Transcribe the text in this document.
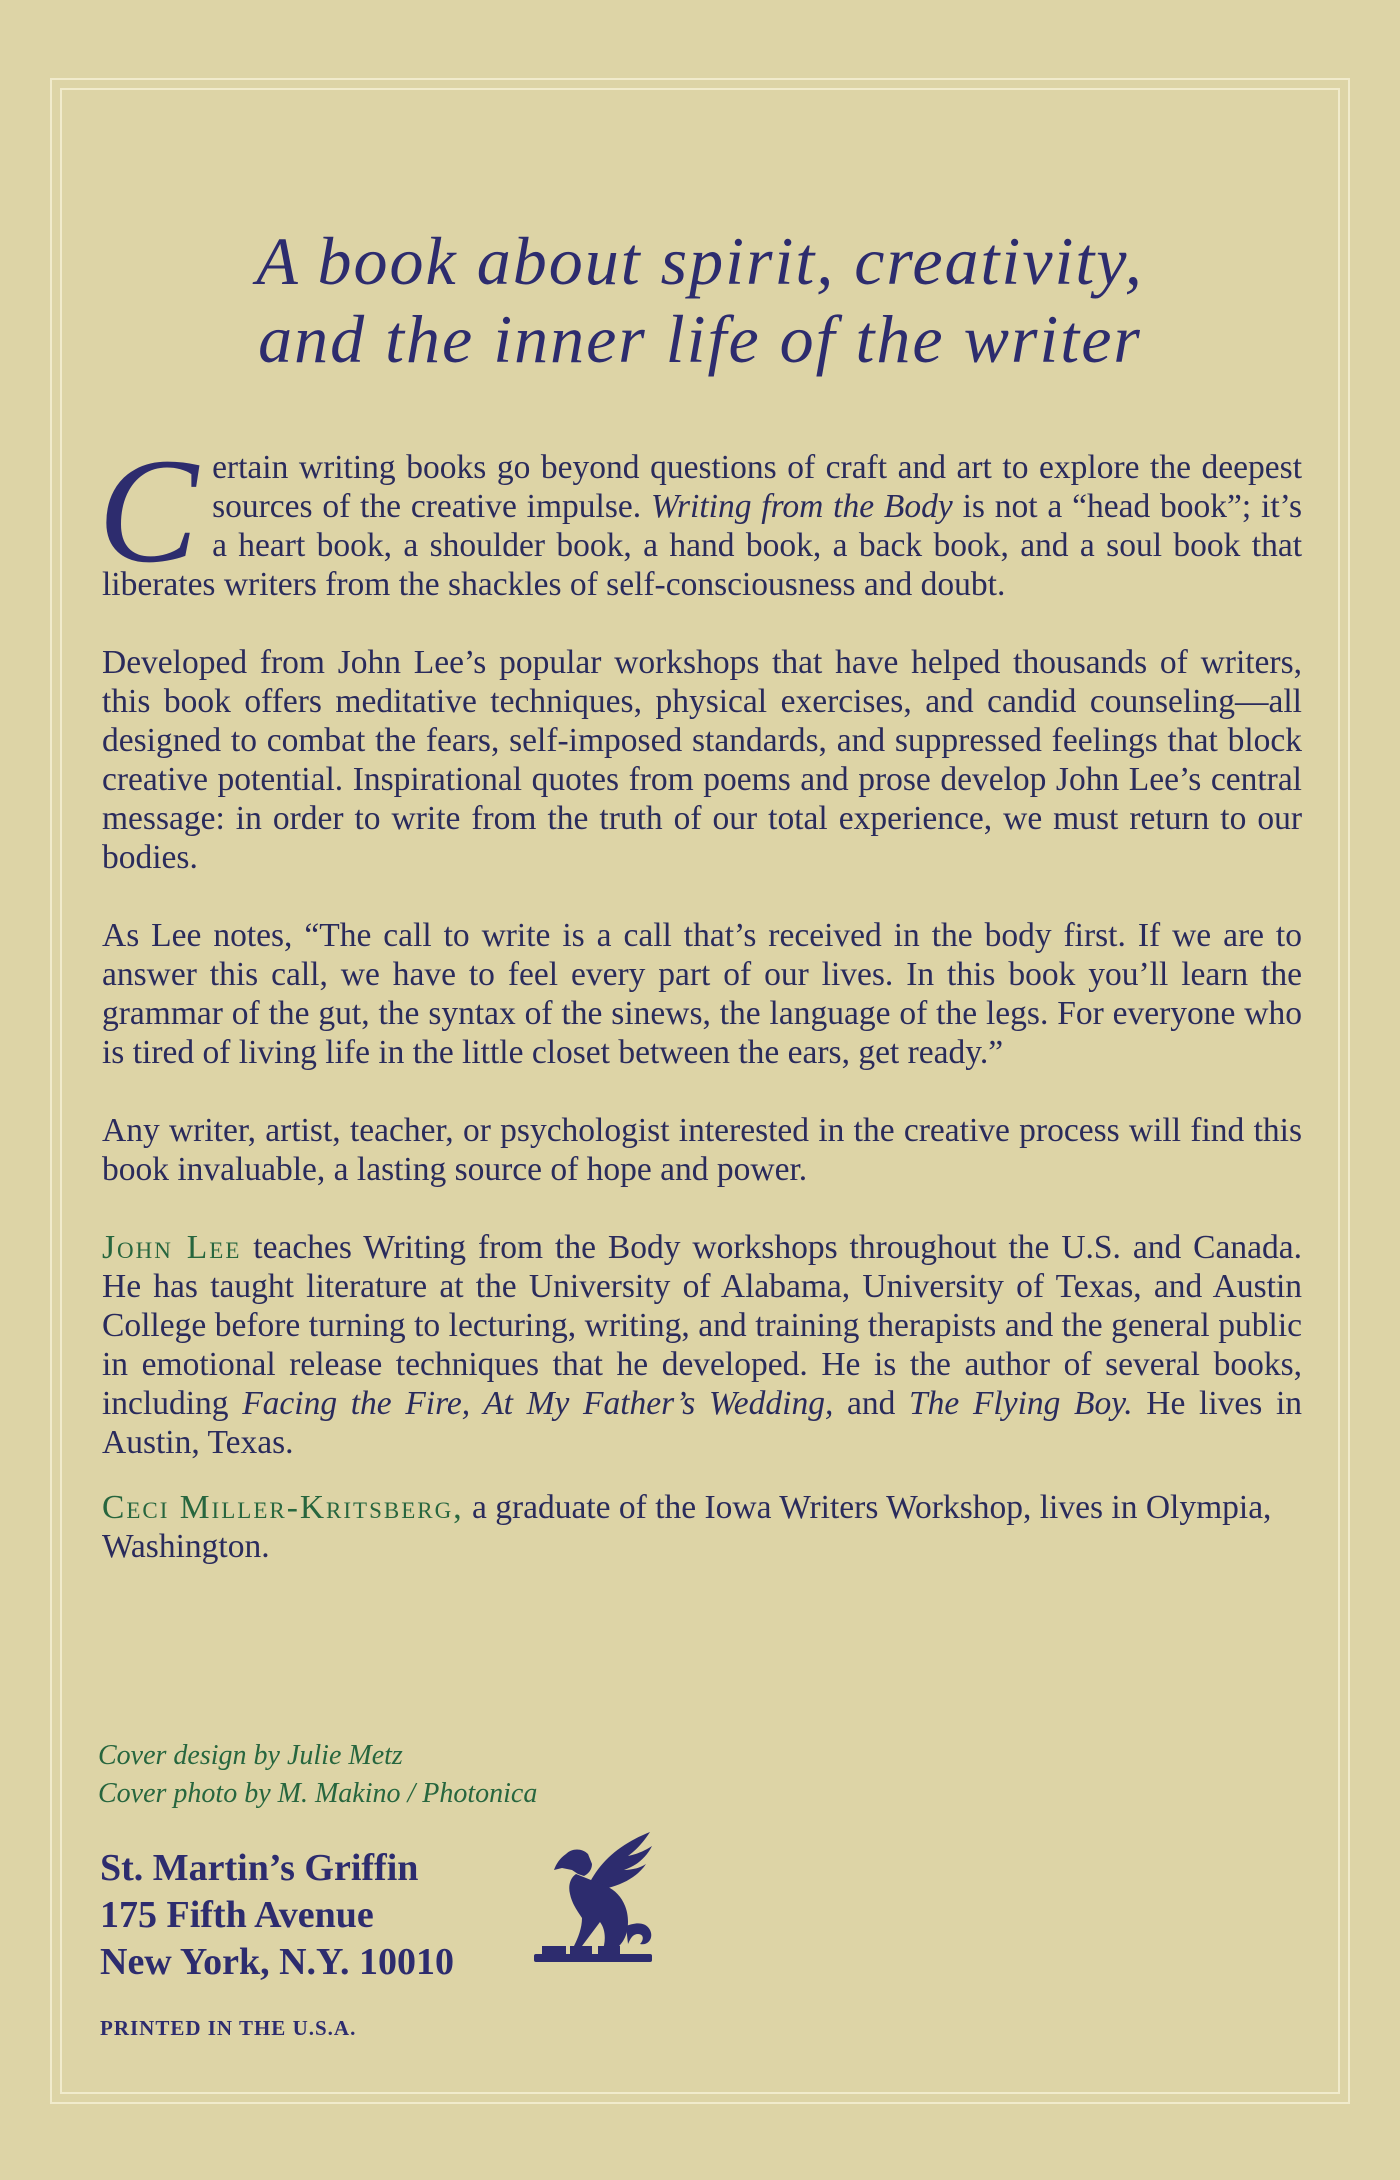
A book about spirit, creativity,
and the inner life of the writer

Certain writing books go beyond questions of craft and art to explore the deepest sources of the creative impulse. Writing from the Body is not a “head book”; it’s a heart book, a shoulder book, a hand book, a back book, and a soul book that liberates writers from the shackles of self-consciousness and doubt.

Developed from John Lee’s popular workshops that have helped thousands of writers, this book offers meditative techniques, physical exercises, and candid counseling—all designed to combat the fears, self-imposed standards, and suppressed feelings that block creative potential. Inspirational quotes from poems and prose develop John Lee’s central message: in order to write from the truth of our total experience, we must return to our bodies.

As Lee notes, “The call to write is a call that’s received in the body first. If we are to answer this call, we have to feel every part of our lives. In this book you’ll learn the grammar of the gut, the syntax of the sinews, the language of the legs. For everyone who is tired of living life in the little closet between the ears, get ready.”

Any writer, artist, teacher, or psychologist interested in the creative process will find this book invaluable, a lasting source of hope and power.

John Lee teaches Writing from the Body workshops throughout the U.S. and Canada. He has taught literature at the University of Alabama, University of Texas, and Austin College before turning to lecturing, writing, and training therapists and the general public in emotional release techniques that he developed. He is the author of several books, including Facing the Fire, At My Father’s Wedding, and The Flying Boy. He lives in Austin, Texas.

Ceci Miller-Kritsberg, a graduate of the Iowa Writers Workshop, lives in Olympia, Washington.

Cover design by Julie Metz
Cover photo by M. Makino / Photonica
St. Martin’s Griffin
175 Fifth Avenue
New York, N.Y. 10010
PRINTED IN THE U.S.A.
